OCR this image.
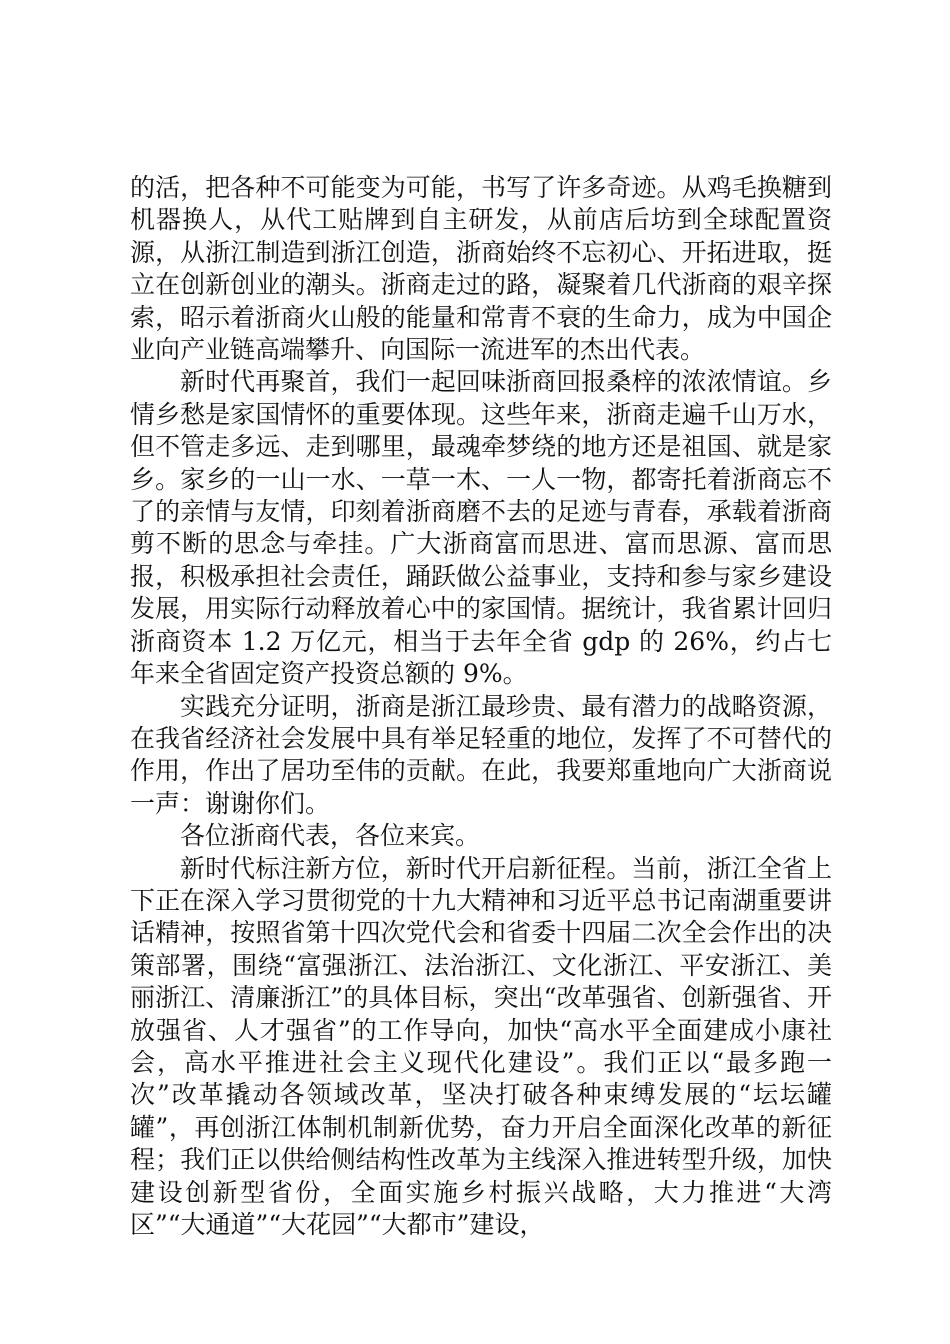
的活，把各种不可能变为可能，书写了许多奇迹。从鸡毛换糖到机器换人，从代工贴牌到自主研发，从前店后坊到全球配置资源，从浙江制造到浙江创造，浙商始终不忘初心、开拓进取，挺立在创新创业的潮头。浙商走过的路，凝聚着几代浙商的艰辛探索，昭示着浙商火山般的能量和常青不衰的生命力，成为中国企业向产业链高端攀升、向国际一流进军的杰出代表。

新时代再聚首，我们一起回味浙商回报桑梓的浓浓情谊。乡情乡愁是家国情怀的重要体现。这些年来，浙商走遍千山万水，但不管走多远、走到哪里，最魂牵梦绕的地方还是祖国、就是家乡。家乡的一山一水、一草一木、一人一物，都寄托着浙商忘不了的亲情与友情，印刻着浙商磨不去的足迹与青春，承载着浙商剪不断的思念与牵挂。广大浙商富而思进、富而思源、富而思报，积极承担社会责任，踊跃做公益事业，支持和参与家乡建设发展，用实际行动释放着心中的家国情。据统计，我省累计回归浙商资本 1.2 万亿元，相当于去年全省 gdp 的 26%，约占七年来全省固定资产投资总额的 9%。

实践充分证明，浙商是浙江最珍贵、最有潜力的战略资源，在我省经济社会发展中具有举足轻重的地位，发挥了不可替代的作用，作出了居功至伟的贡献。在此，我要郑重地向广大浙商说一声：谢谢你们。

各位浙商代表，各位来宾。

新时代标注新方位，新时代开启新征程。当前，浙江全省上下正在深入学习贯彻党的十九大精神和习近平总书记南湖重要讲话精神，按照省第十四次党代会和省委十四届二次全会作出的决策部署，围绕“富强浙江、法治浙江、文化浙江、平安浙江、美丽浙江、清廉浙江”的具体目标，突出“改革强省、创新强省、开放强省、人才强省”的工作导向，加快“高水平全面建成小康社会，高水平推进社会主义现代化建设”。我们正以“最多跑一次”改革撬动各领域改革，坚决打破各种束缚发展的“坛坛罐罐”，再创浙江体制机制新优势，奋力开启全面深化改革的新征程；我们正以供给侧结构性改革为主线深入推进转型升级，加快建设创新型省份，全面实施乡村振兴战略，大力推进“大湾区”“大通道”“大花园”“大都市”建设，
